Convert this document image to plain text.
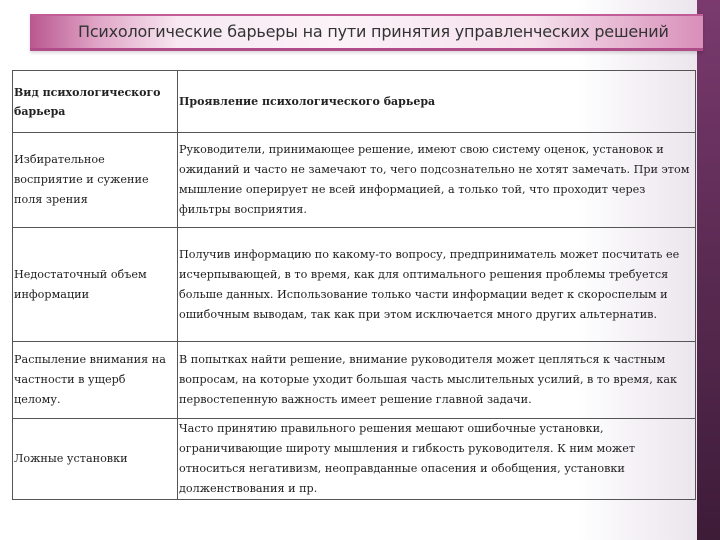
Психологические барьеры на пути принятия управленческих решений
Вид психологического барьера	Проявление психологического барьера
Избирательное восприятие и сужение поля зрения	Руководители, принимающее решение, имеют свою систему оценок, установок и ожиданий и часто не замечают то, чего подсознательно не хотят замечать. При этом мышление оперирует не всей информацией, а только той, что проходит через фильтры восприятия.
Недостаточный объем информации	Получив информацию по какому-то вопросу, предприниматель может посчитать ее исчерпывающей, в то время, как для оптимального решения проблемы требуется больше данных. Использование только части информации ведет к скороспелым и ошибочным выводам, так как при этом исключается много других альтернатив.
Распыление внимания на частности в ущерб целому.	В попытках найти решение, внимание руководителя может цепляться к частным вопросам, на которые уходит большая часть мыслительных усилий, в то время, как первостепенную важность имеет решение главной задачи.
Ложные установки	Часто принятию правильного решения мешают ошибочные установки, ограничивающие широту мышления и гибкость руководителя. К ним может относиться негативизм, неоправданные опасения и обобщения, установки долженствования и пр.
